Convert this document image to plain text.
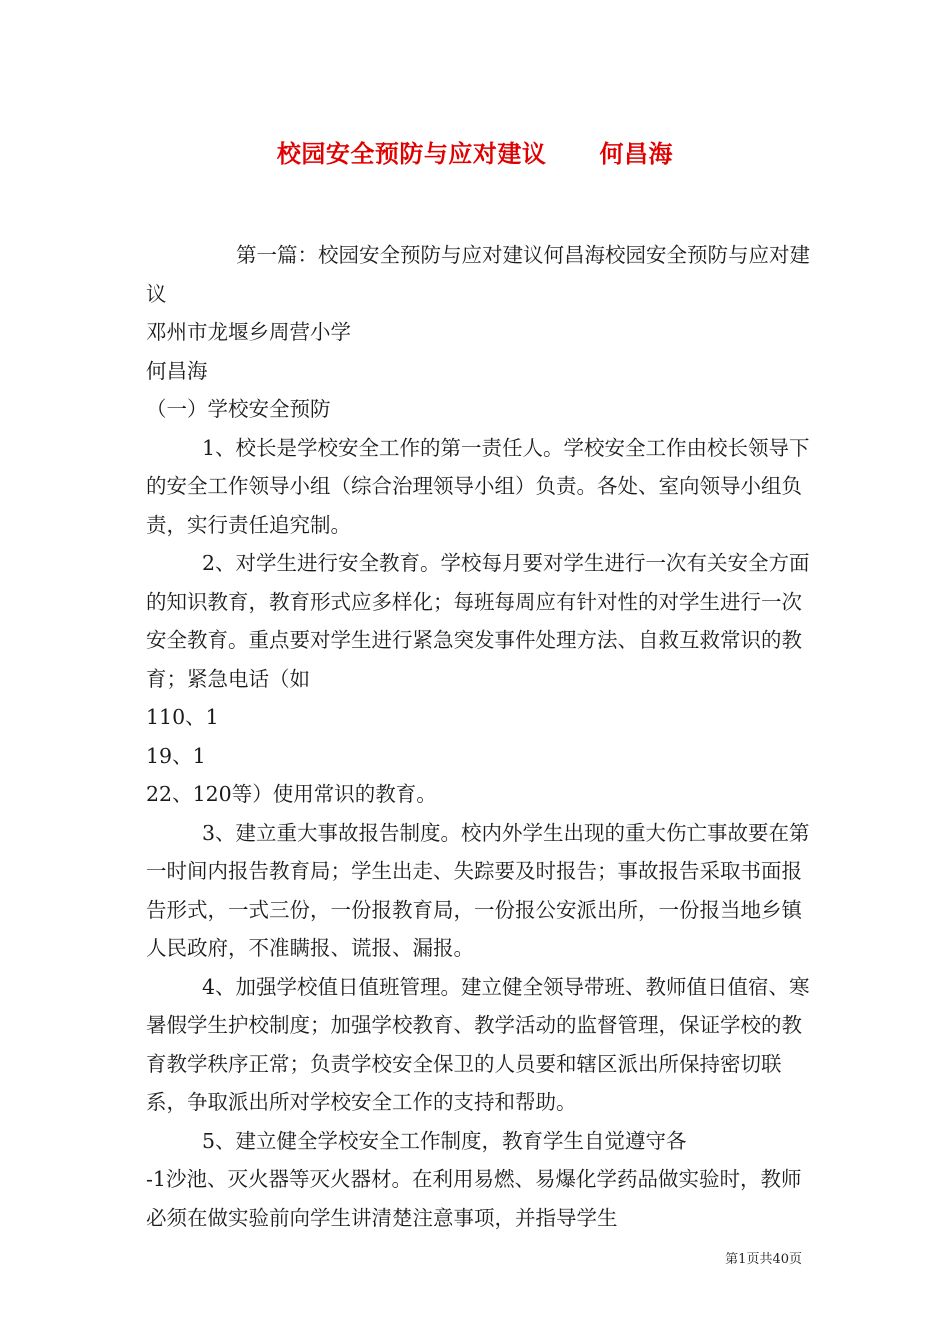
校园安全预防与应对建议      何昌海

第一篇：校园安全预防与应对建议何昌海校园安全预防与应对建议

邓州市龙堰乡周营小学

何昌海

（一）学校安全预防

1、校长是学校安全工作的第一责任人。学校安全工作由校长领导下的安全工作领导小组（综合治理领导小组）负责。各处、室向领导小组负责，实行责任追究制。

2、对学生进行安全教育。学校每月要对学生进行一次有关安全方面的知识教育，教育形式应多样化；每班每周应有针对性的对学生进行一次安全教育。重点要对学生进行紧急突发事件处理方法、自救互救常识的教育；紧急电话（如

110、1

19、1

22、120等）使用常识的教育。

3、建立重大事故报告制度。校内外学生出现的重大伤亡事故要在第一时间内报告教育局；学生出走、失踪要及时报告；事故报告采取书面报告形式，一式三份，一份报教育局，一份报公安派出所，一份报当地乡镇人民政府，不准瞒报、谎报、漏报。

4、加强学校值日值班管理。建立健全领导带班、教师值日值宿、寒暑假学生护校制度；加强学校教育、教学活动的监督管理，保证学校的教育教学秩序正常；负责学校安全保卫的人员要和辖区派出所保持密切联系，争取派出所对学校安全工作的支持和帮助。

5、建立健全学校安全工作制度，教育学生自觉遵守各

-1沙池、灭火器等灭火器材。在利用易燃、易爆化学药品做实验时，教师必须在做实验前向学生讲清楚注意事项，并指导学生

第1页共40页
